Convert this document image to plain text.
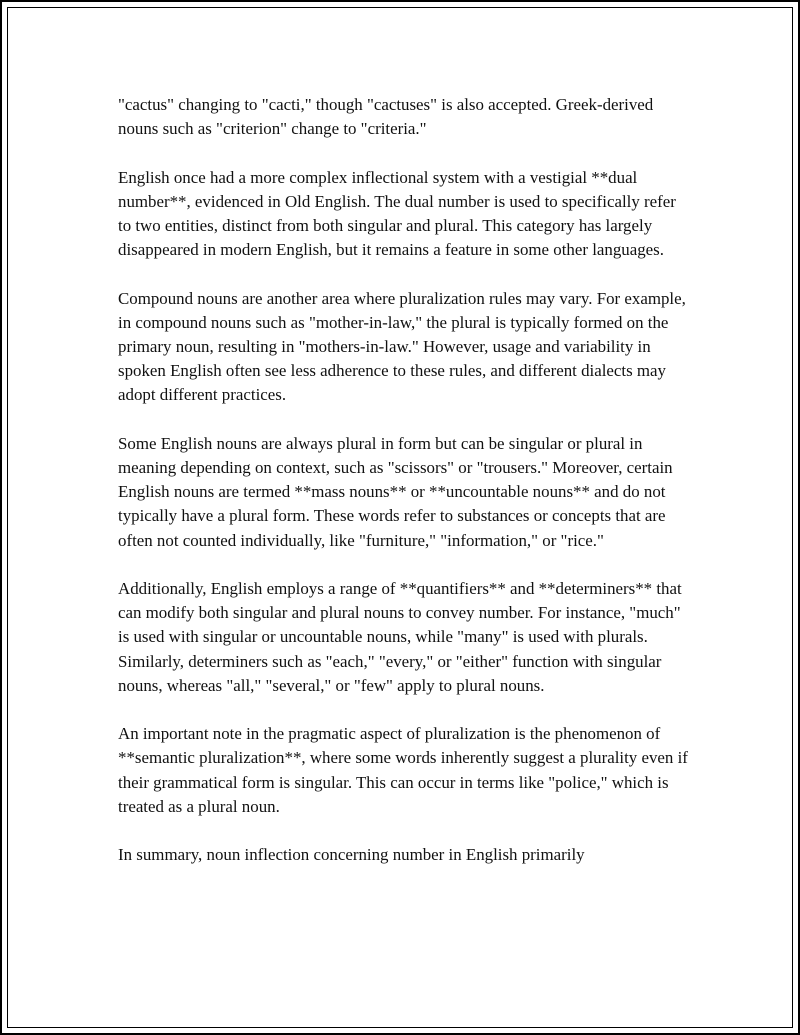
"cactus" changing to "cacti," though "cactuses" is also accepted. Greek-derived nouns such as "criterion" change to "criteria."

English once had a more complex inflectional system with a vestigial **dual number**, evidenced in Old English. The dual number is used to specifically refer to two entities, distinct from both singular and plural. This category has largely disappeared in modern English, but it remains a feature in some other languages.

Compound nouns are another area where pluralization rules may vary. For example, in compound nouns such as "mother-in-law," the plural is typically formed on the primary noun, resulting in "mothers-in-law." However, usage and variability in spoken English often see less adherence to these rules, and different dialects may adopt different practices.

Some English nouns are always plural in form but can be singular or plural in meaning depending on context, such as "scissors" or "trousers." Moreover, certain English nouns are termed **mass nouns** or **uncountable nouns** and do not typically have a plural form. These words refer to substances or concepts that are often not counted individually, like "furniture," "information," or "rice."

Additionally, English employs a range of **quantifiers** and **determiners** that can modify both singular and plural nouns to convey number. For instance, "much" is used with singular or uncountable nouns, while "many" is used with plurals. Similarly, determiners such as "each," "every," or "either" function with singular nouns, whereas "all," "several," or "few" apply to plural nouns.

An important note in the pragmatic aspect of pluralization is the phenomenon of **semantic pluralization**, where some words inherently suggest a plurality even if their grammatical form is singular. This can occur in terms like "police," which is treated as a plural noun.

In summary, noun inflection concerning number in English primarily
